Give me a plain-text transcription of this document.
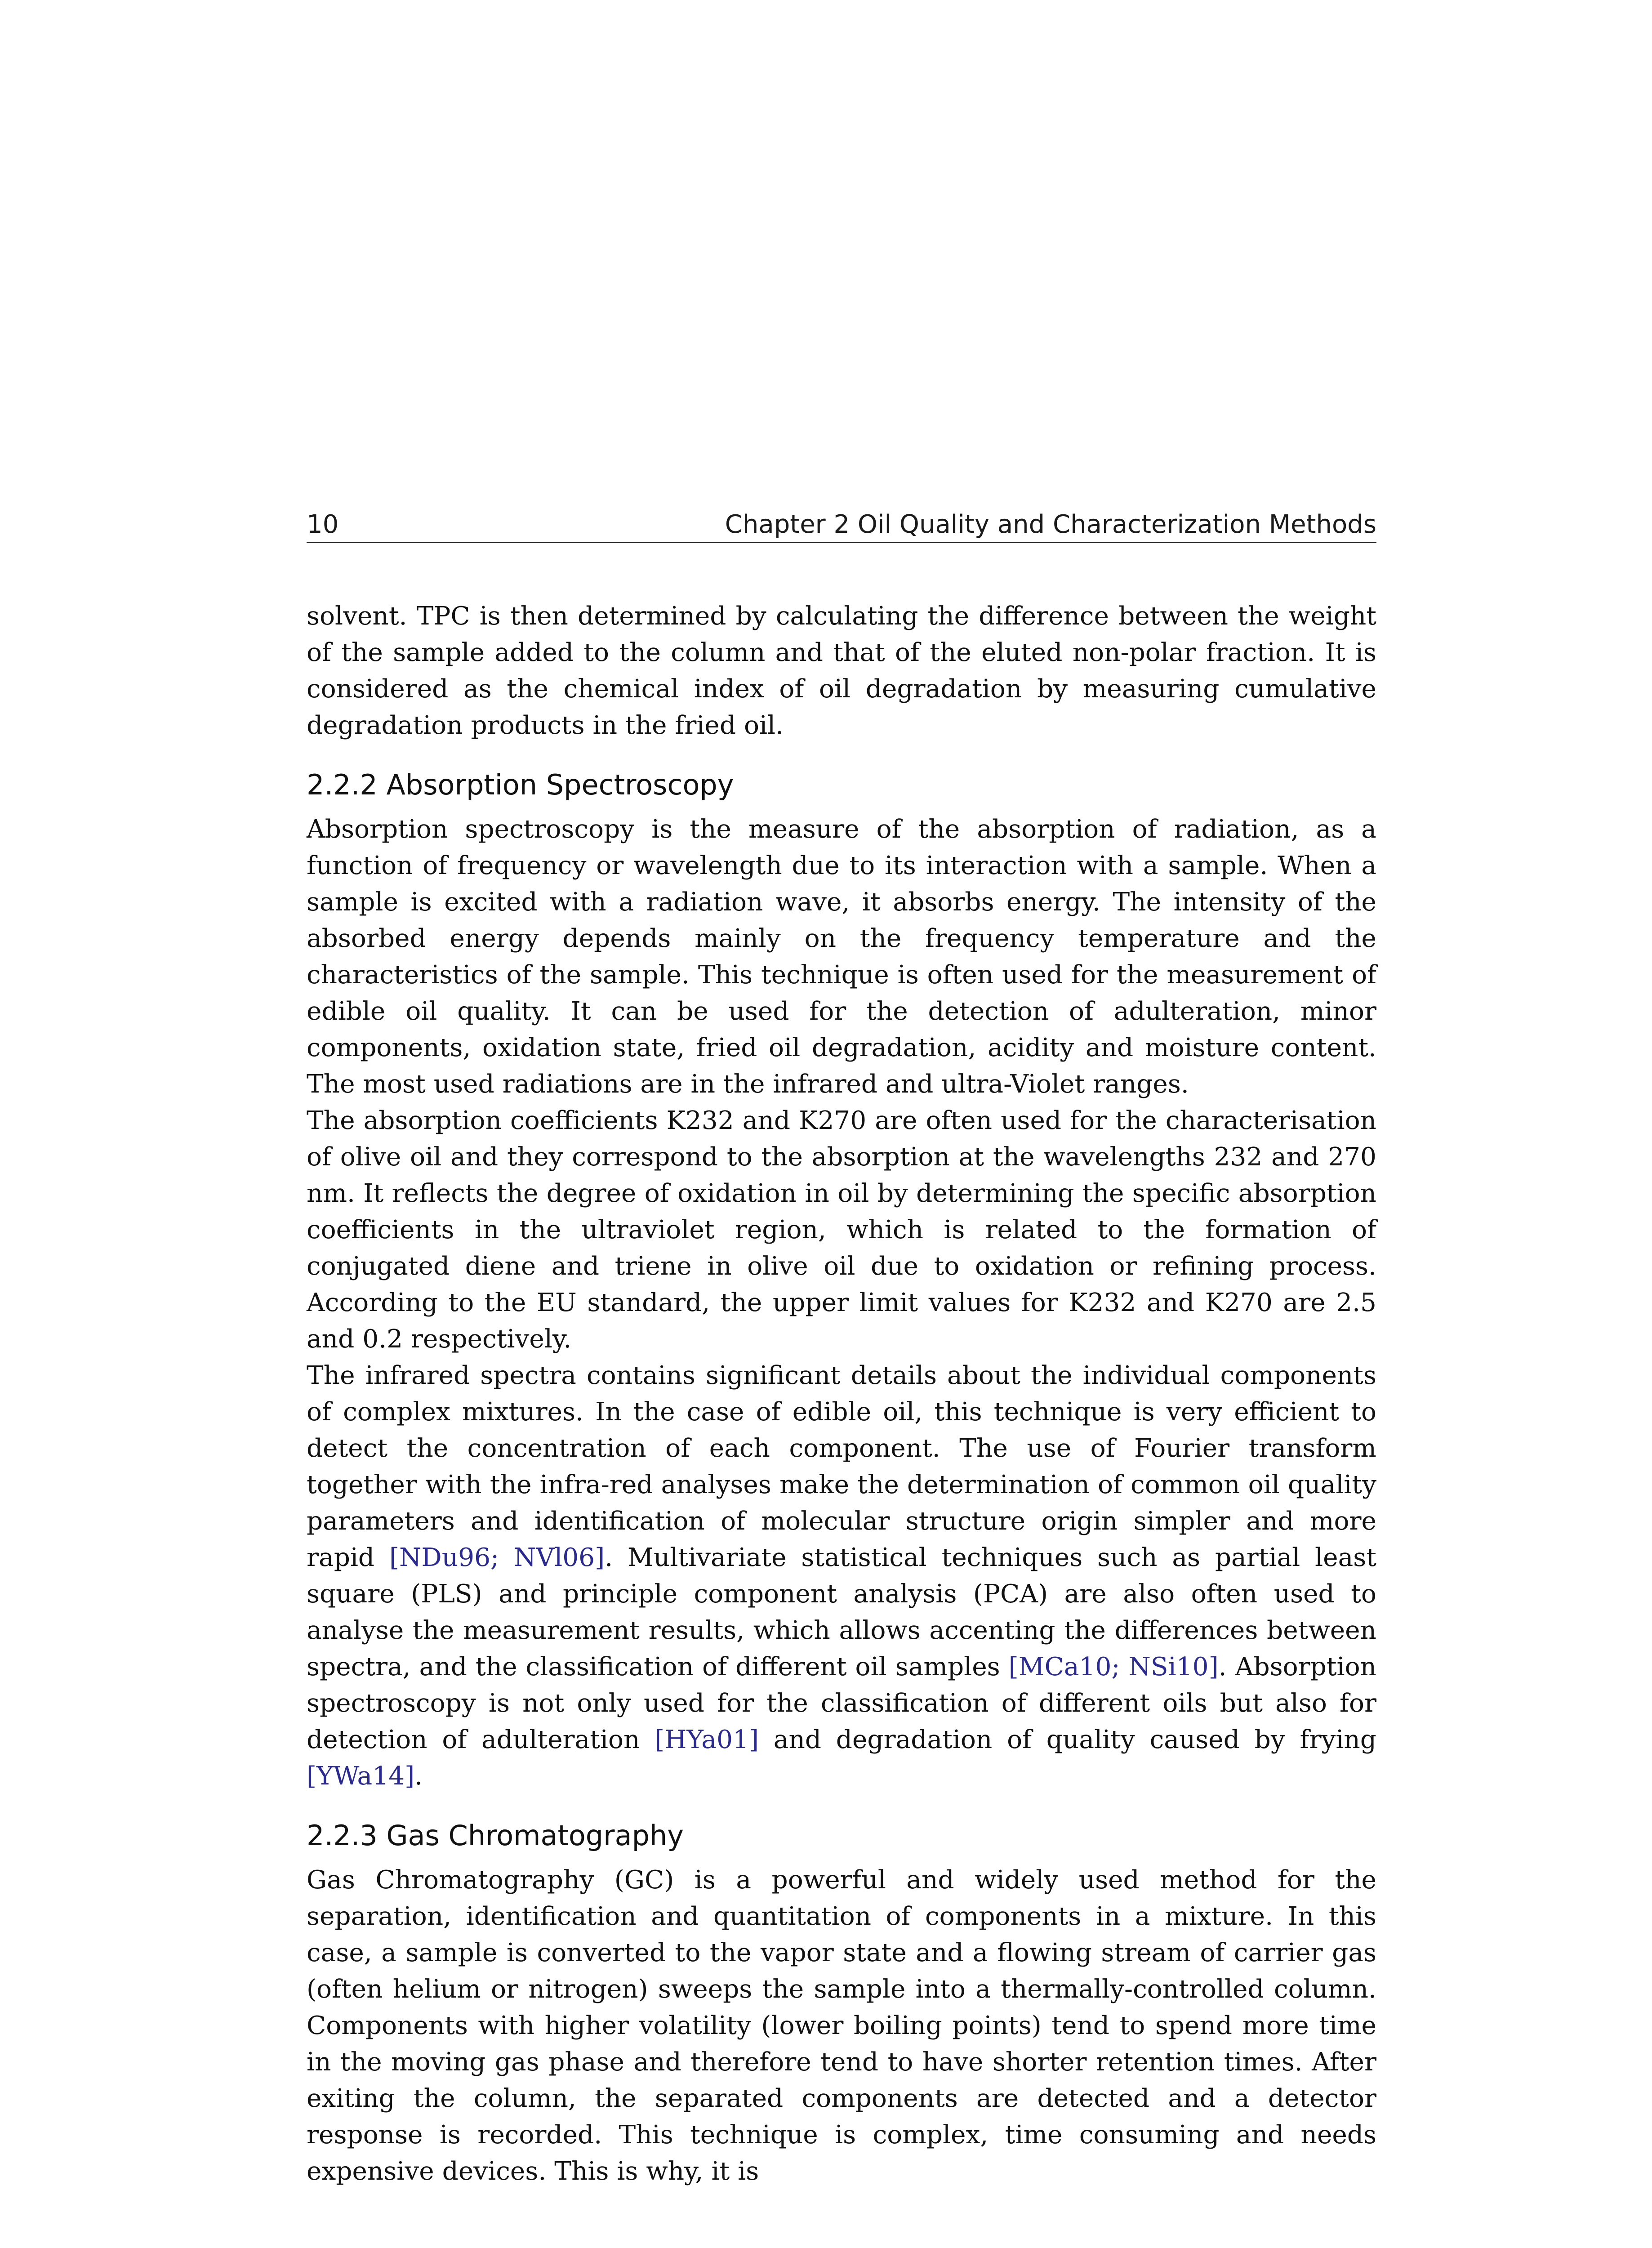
10	Chapter 2 Oil Quality and Characterization Methods

solvent. TPC is then determined by calculating the difference between the weight of the sample added to the column and that of the eluted non-polar fraction. It is considered as the chemical index of oil degradation by measuring cumulative degradation products in the fried oil.

2.2.2 Absorption Spectroscopy

Absorption spectroscopy is the measure of the absorption of radiation, as a function of frequency or wavelength due to its interaction with a sample. When a sample is excited with a radiation wave, it absorbs energy. The intensity of the absorbed energy depends mainly on the frequency temperature and the characteristics of the sample. This technique is often used for the measurement of edible oil quality. It can be used for the detection of adulteration, minor components, oxidation state, fried oil degradation, acidity and moisture content. The most used radiations are in the infrared and ultra-Violet ranges.

The absorption coefficients K232 and K270 are often used for the characterisation of olive oil and they correspond to the absorption at the wavelengths 232 and 270 nm. It reflects the degree of oxidation in oil by determining the specific absorption coefficients in the ultraviolet region, which is related to the formation of conjugated diene and triene in olive oil due to oxidation or refining process. According to the EU standard, the upper limit values for K232 and K270 are 2.5 and 0.2 respectively.

The infrared spectra contains significant details about the individual components of complex mixtures. In the case of edible oil, this technique is very efficient to detect the concentration of each component. The use of Fourier transform together with the infra-red analyses make the determination of common oil quality parameters and identification of molecular structure origin simpler and more rapid [NDu96; NVl06]. Multivariate statistical techniques such as partial least square (PLS) and principle component analysis (PCA) are also often used to analyse the measurement results, which allows accenting the differences between spectra, and the classification of different oil samples [MCa10; NSi10]. Absorption spectroscopy is not only used for the classification of different oils but also for detection of adulteration [HYa01] and degradation of quality caused by frying [YWa14].

2.2.3 Gas Chromatography

Gas Chromatography (GC) is a powerful and widely used method for the separation, identification and quantitation of components in a mixture. In this case, a sample is converted to the vapor state and a flowing stream of carrier gas (often helium or nitrogen) sweeps the sample into a thermally-controlled column. Components with higher volatility (lower boiling points) tend to spend more time in the moving gas phase and therefore tend to have shorter retention times. After exiting the column, the separated components are detected and a detector response is recorded. This technique is complex, time consuming and needs expensive devices. This is why, it is
